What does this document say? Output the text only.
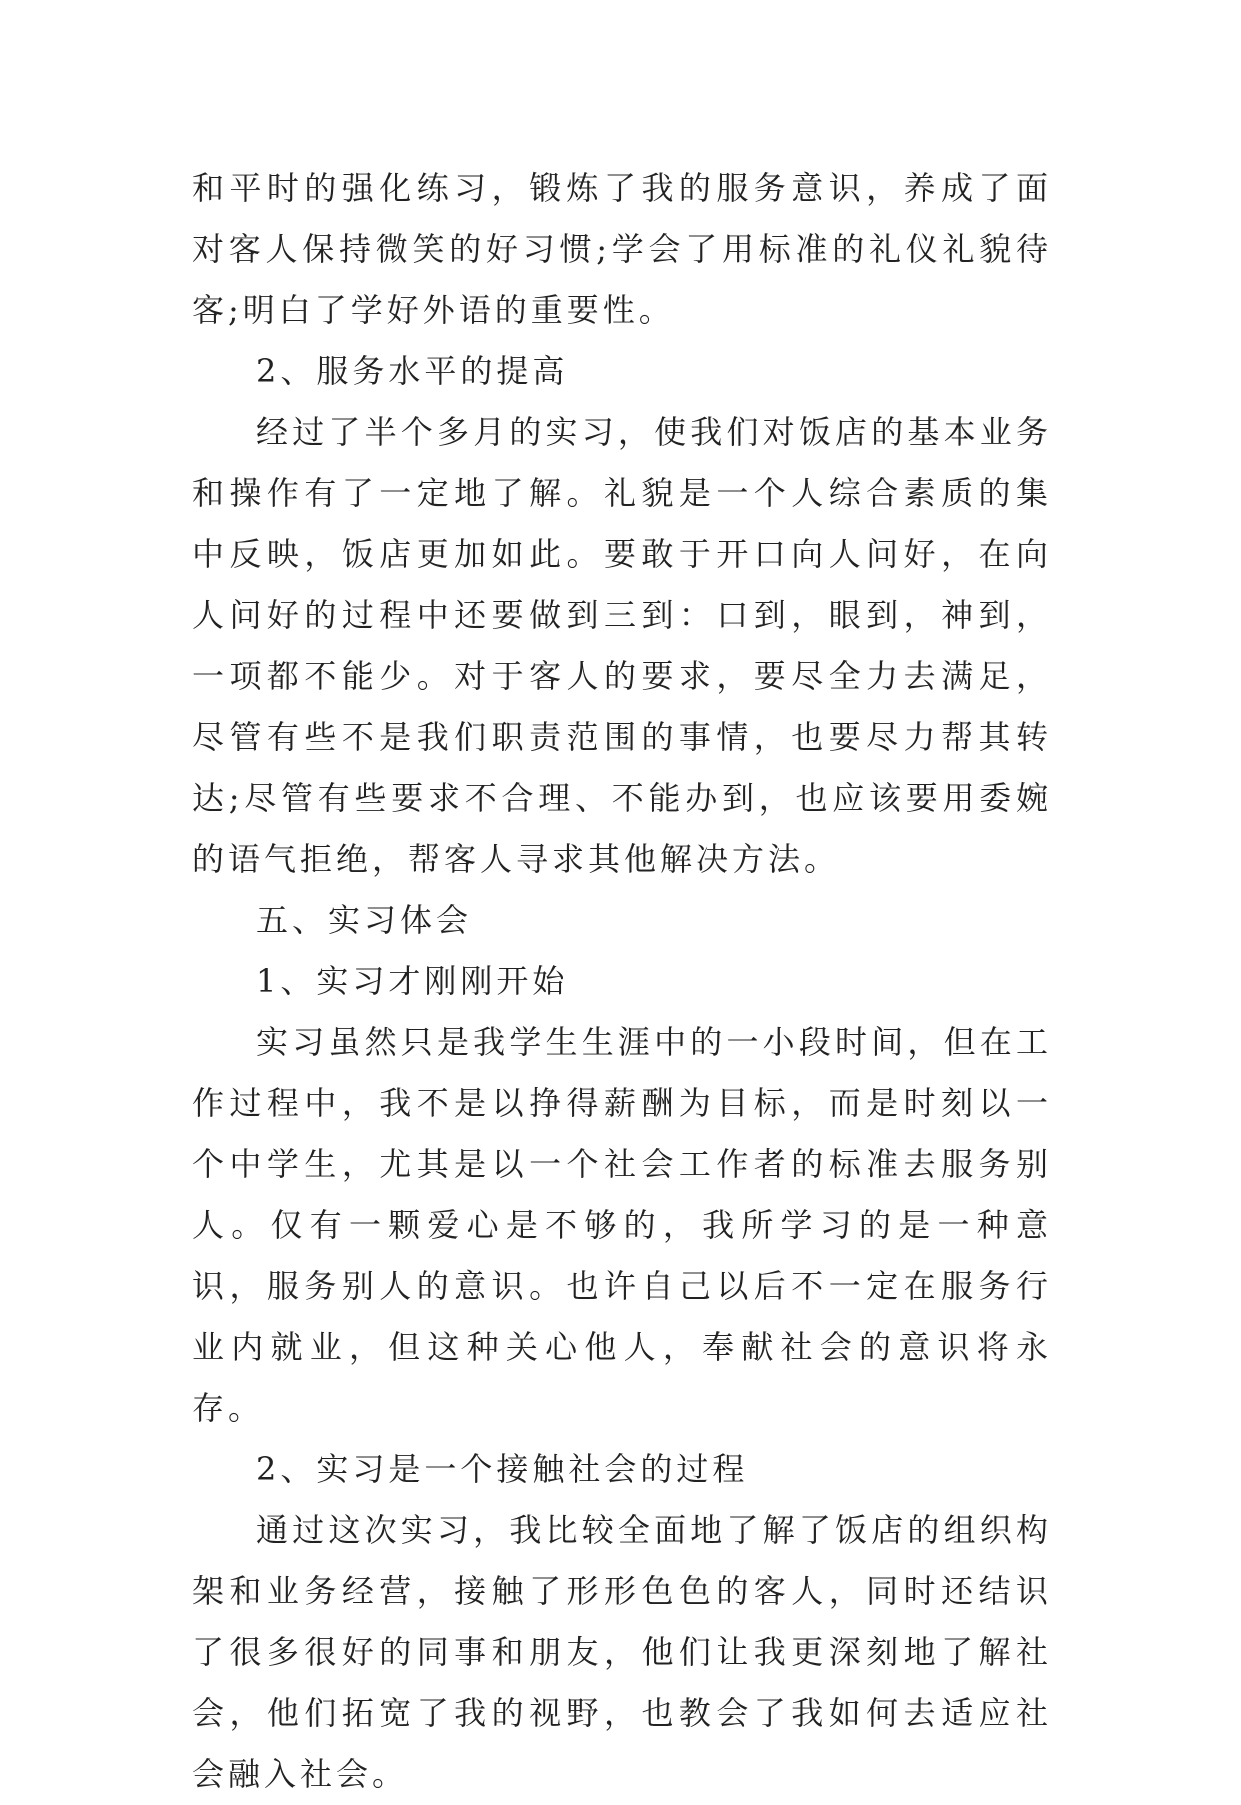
和平时的强化练习，锻炼了我的服务意识，养成了面对客人保持微笑的好习惯;学会了用标准的礼仪礼貌待客;明白了学好外语的重要性。

2、服务水平的提高

经过了半个多月的实习，使我们对饭店的基本业务和操作有了一定地了解。礼貌是一个人综合素质的集中反映，饭店更加如此。要敢于开口向人问好，在向人问好的过程中还要做到三到：口到，眼到，神到，一项都不能少。对于客人的要求，要尽全力去满足，尽管有些不是我们职责范围的事情，也要尽力帮其转达;尽管有些要求不合理、不能办到，也应该要用委婉的语气拒绝，帮客人寻求其他解决方法。

五、实习体会

1、实习才刚刚开始

实习虽然只是我学生生涯中的一小段时间，但在工作过程中，我不是以挣得薪酬为目标，而是时刻以一个中学生，尤其是以一个社会工作者的标准去服务别人。仅有一颗爱心是不够的，我所学习的是一种意识，服务别人的意识。也许自己以后不一定在服务行业内就业，但这种关心他人，奉献社会的意识将永存。

2、实习是一个接触社会的过程

通过这次实习，我比较全面地了解了饭店的组织构架和业务经营，接触了形形色色的客人，同时还结识了很多很好的同事和朋友，他们让我更深刻地了解社会，他们拓宽了我的视野，也教会了我如何去适应社会融入社会。
